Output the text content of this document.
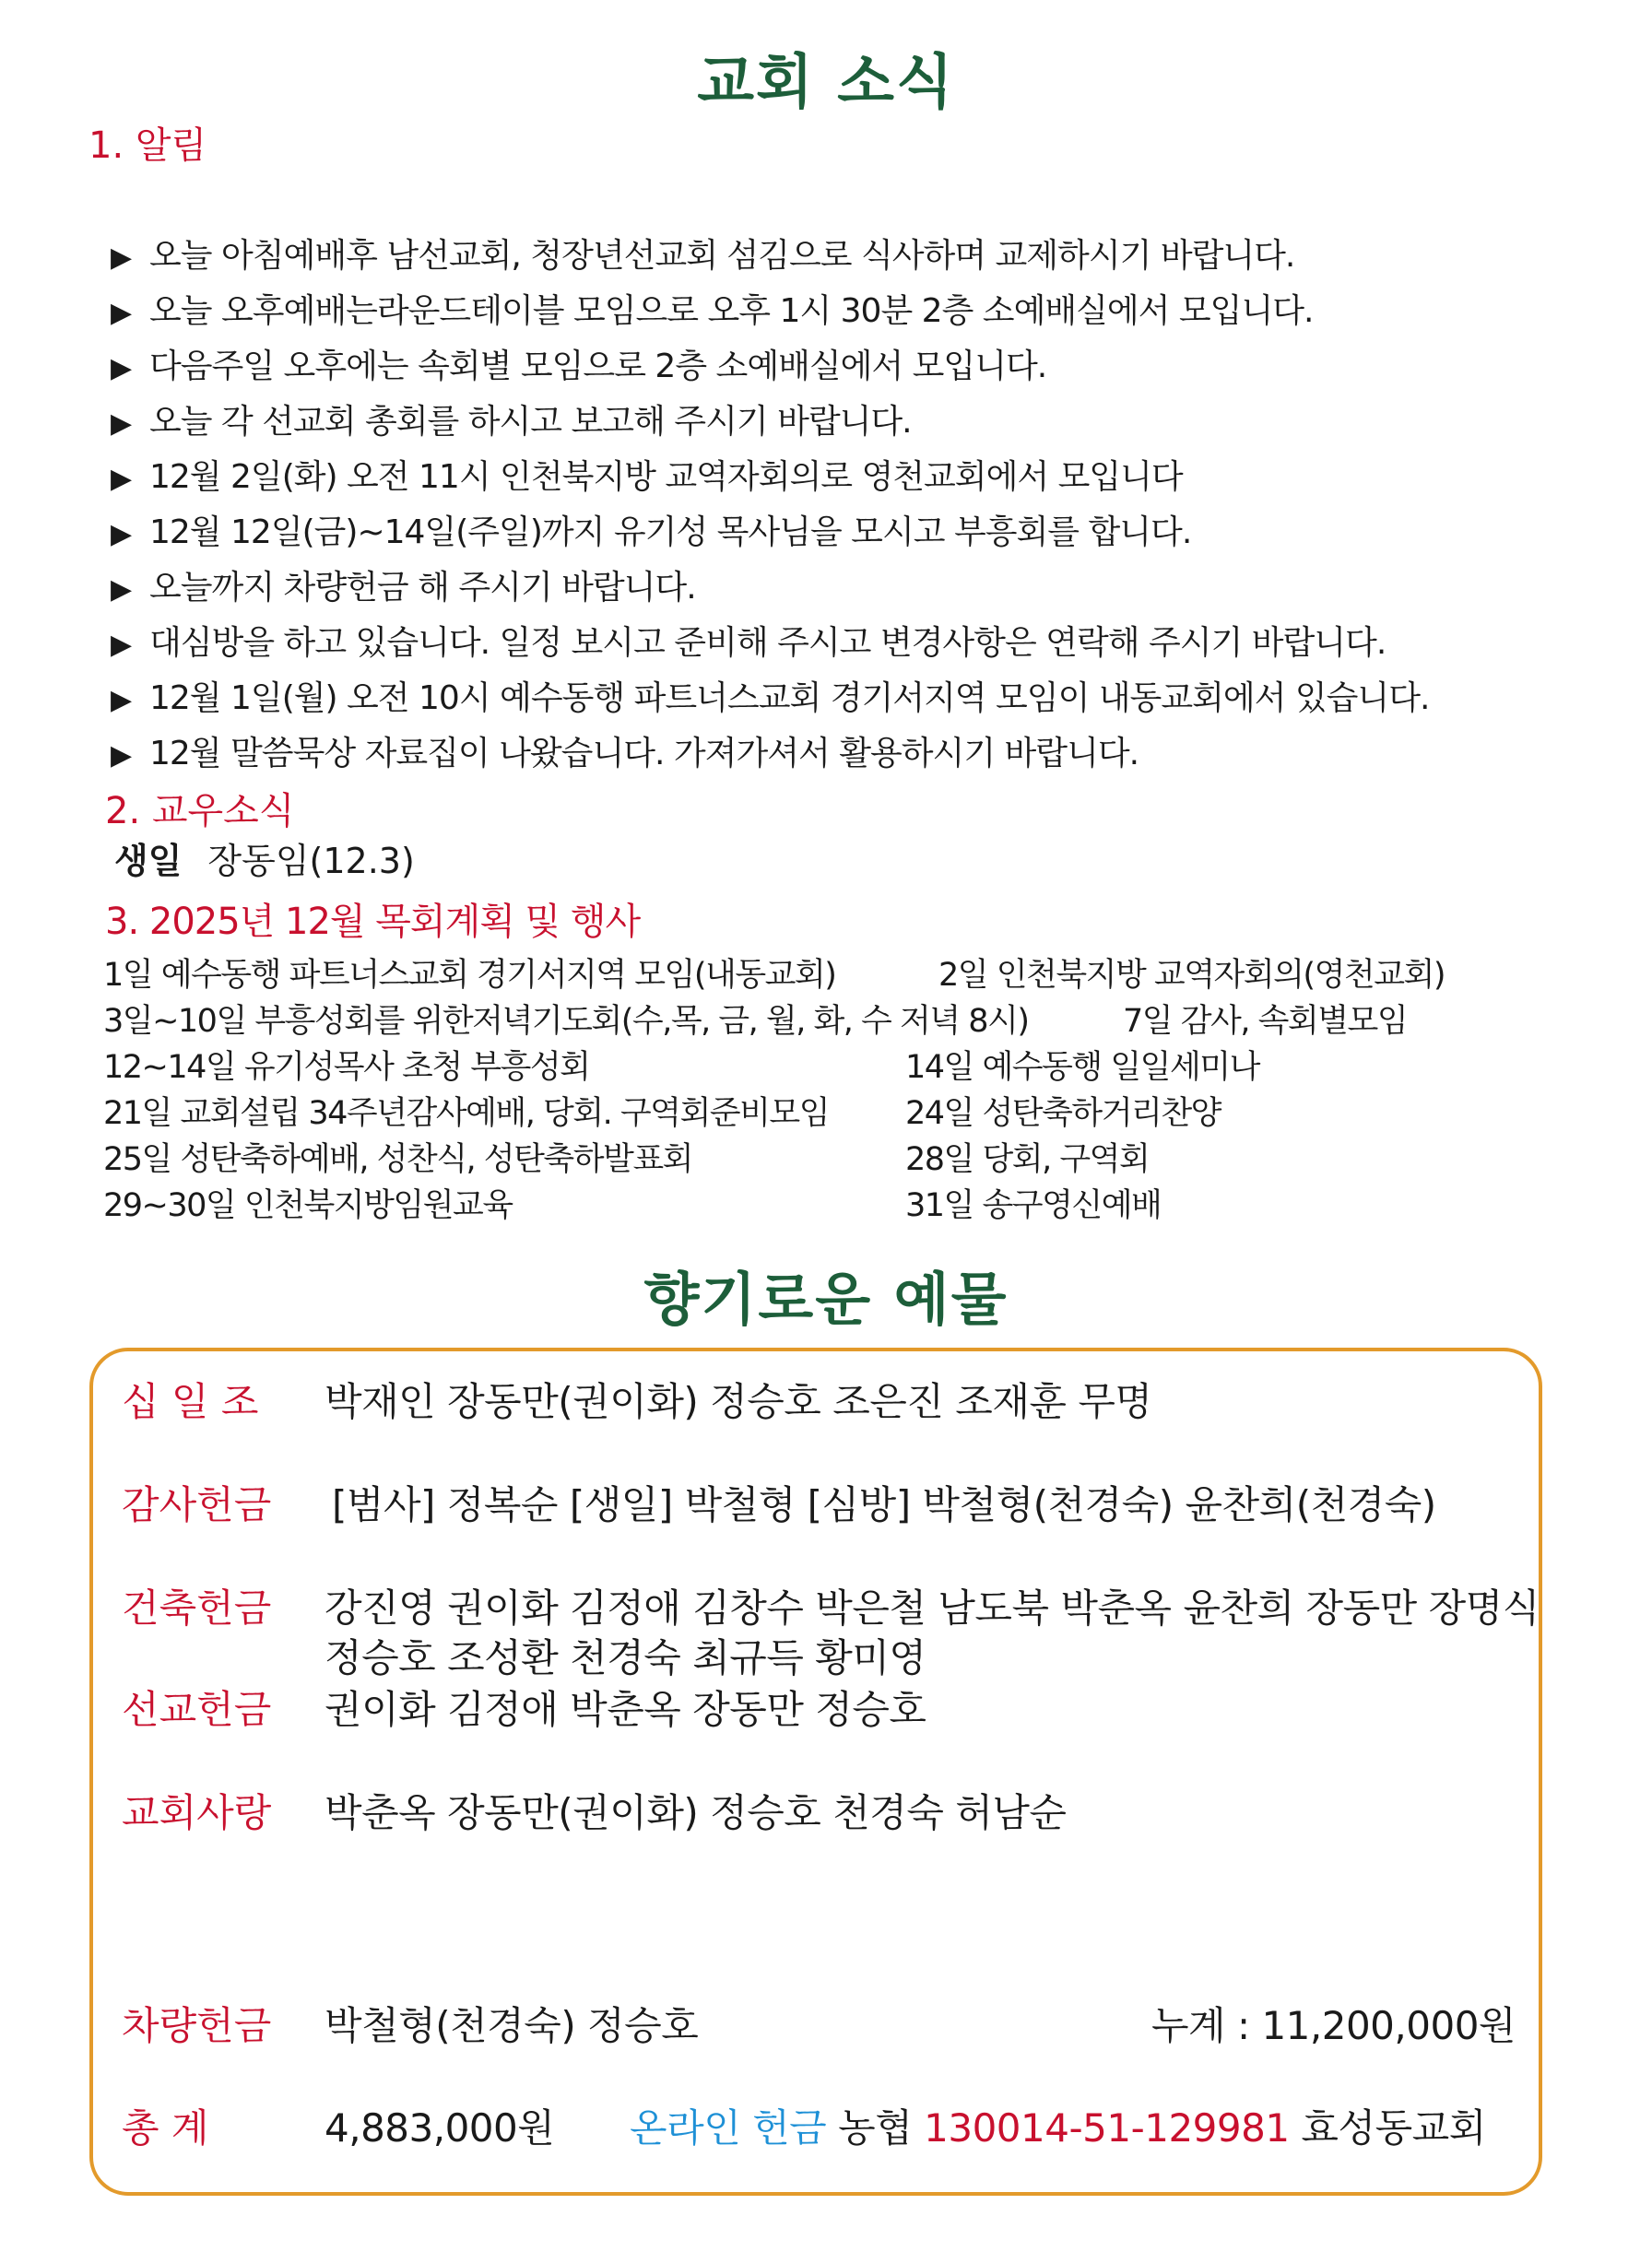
교회 소식
1. 알림
▶ 오늘 아침예배후 남선교회, 청장년선교회 섬김으로 식사하며 교제하시기 바랍니다.
▶ 오늘 오후예배는라운드테이블 모임으로 오후 1시 30분 2층 소예배실에서 모입니다.
▶ 다음주일 오후에는 속회별 모임으로 2층 소예배실에서 모입니다.
▶ 오늘 각 선교회 총회를 하시고 보고해 주시기 바랍니다.
▶ 12월 2일(화) 오전 11시 인천북지방 교역자회의로 영천교회에서 모입니다
▶ 12월 12일(금)~14일(주일)까지 유기성 목사님을 모시고 부흥회를 합니다.
▶ 오늘까지 차량헌금 해 주시기 바랍니다.
▶ 대심방을 하고 있습니다. 일정 보시고 준비해 주시고 변경사항은 연락해 주시기 바랍니다.
▶ 12월 1일(월) 오전 10시 예수동행 파트너스교회 경기서지역 모임이 내동교회에서 있습니다.
▶ 12월 말씀묵상 자료집이 나왔습니다. 가져가셔서 활용하시기 바랍니다.
2. 교우소식
생일 장동임(12.3)
3. 2025년 12월 목회계획 및 행사
1일 예수동행 파트너스교회 경기서지역 모임(내동교회)
3일~10일 부흥성회를 위한저녁기도회(수,목, 금, 월, 화, 수 저녁 8시)
12~14일 유기성목사 초청 부흥성회
21일 교회설립 34주년감사예배, 당회. 구역회준비모임
25일 성탄축하예배, 성찬식, 성탄축하발표회
29~30일 인천북지방임원교육
2일 인천북지방 교역자회의(영천교회)
7일 감사, 속회별모임
14일 예수동행 일일세미나
24일 성탄축하거리찬양
28일 당회, 구역회
31일 송구영신예배
향기로운 예물
십 일 조 박재인 장동만(권이화) 정승호 조은진 조재훈 무명
감사헌금 [범사] 정복순 [생일] 박철형 [심방] 박철형(천경숙) 윤찬희(천경숙)
건축헌금 강진영 권이화 김정애 김창수 박은철 남도북 박춘옥 윤찬희 장동만 장명식
정승호 조성환 천경숙 최규득 황미영
선교헌금 권이화 김정애 박춘옥 장동만 정승호
교회사랑 박춘옥 장동만(권이화) 정승호 천경숙 허남순
차량헌금 박철형(천경숙) 정승호	누계 : 11,200,000원
총 계	4,883,000원 온라인 헌금 농협 130014-51-129981 효성동교회
